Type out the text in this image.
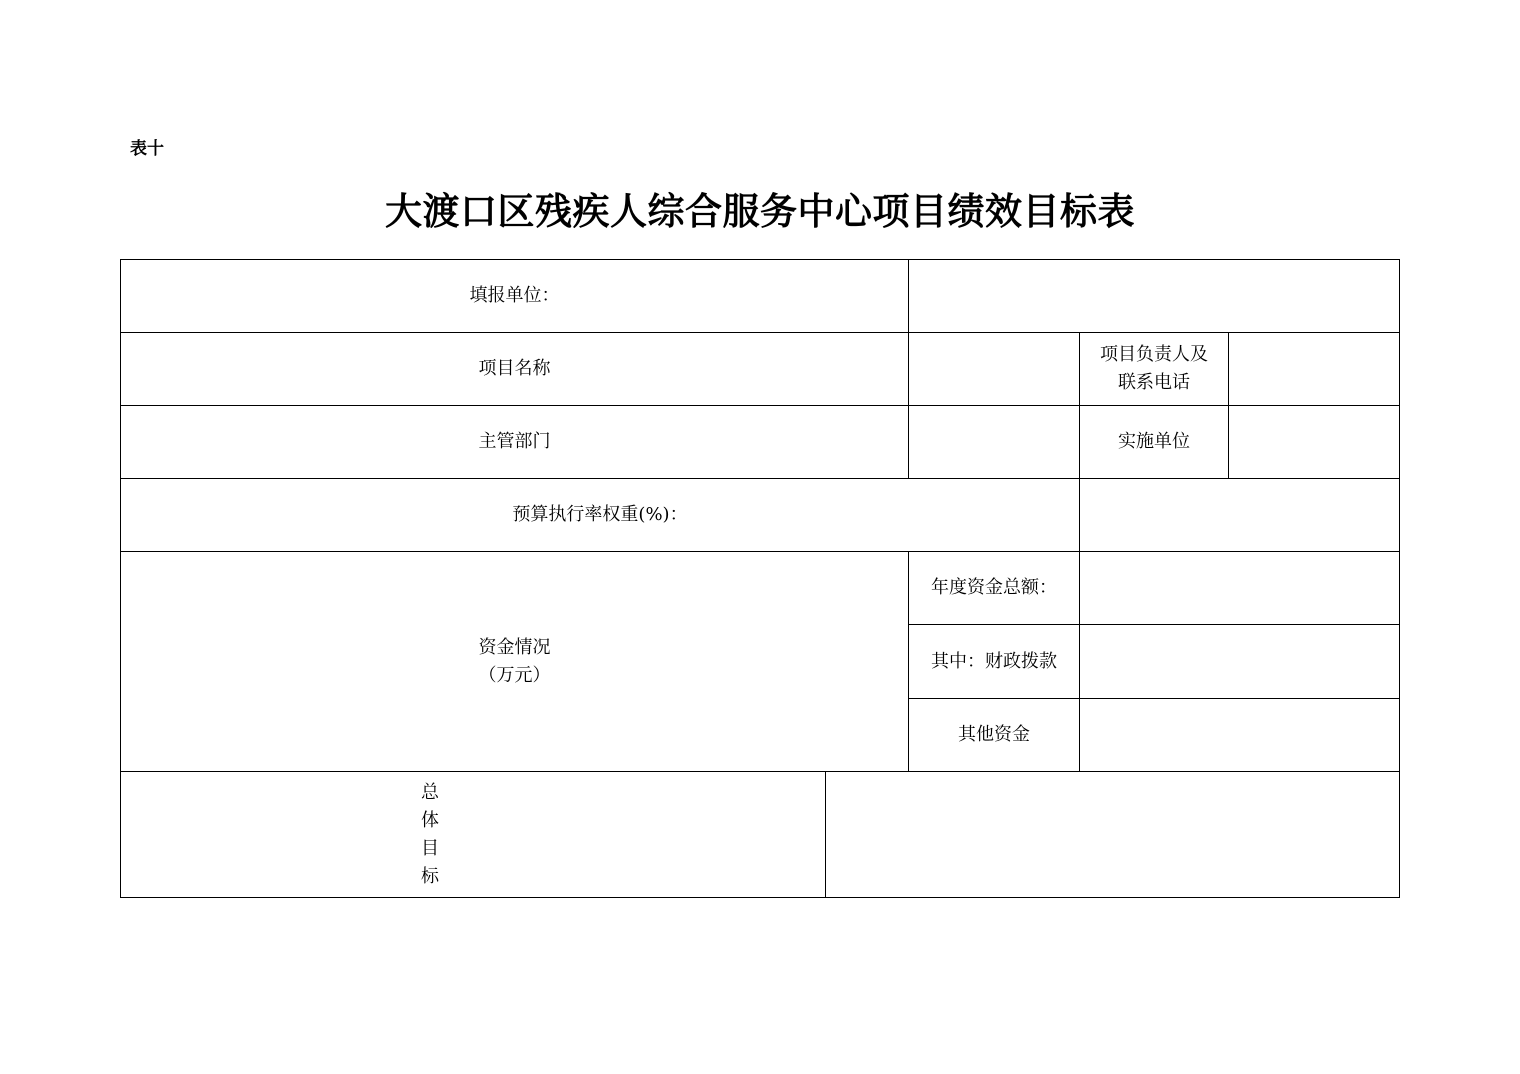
表十
大渡口区残疾人综合服务中心项目绩效目标表
填报单位：
项目名称
项目负责人及
联系电话
主管部门	实施单位
预算执行率权重(%)：
资金情况
（万元）
年度资金总额：
其中：财政拨款
其他资金
总体目标
